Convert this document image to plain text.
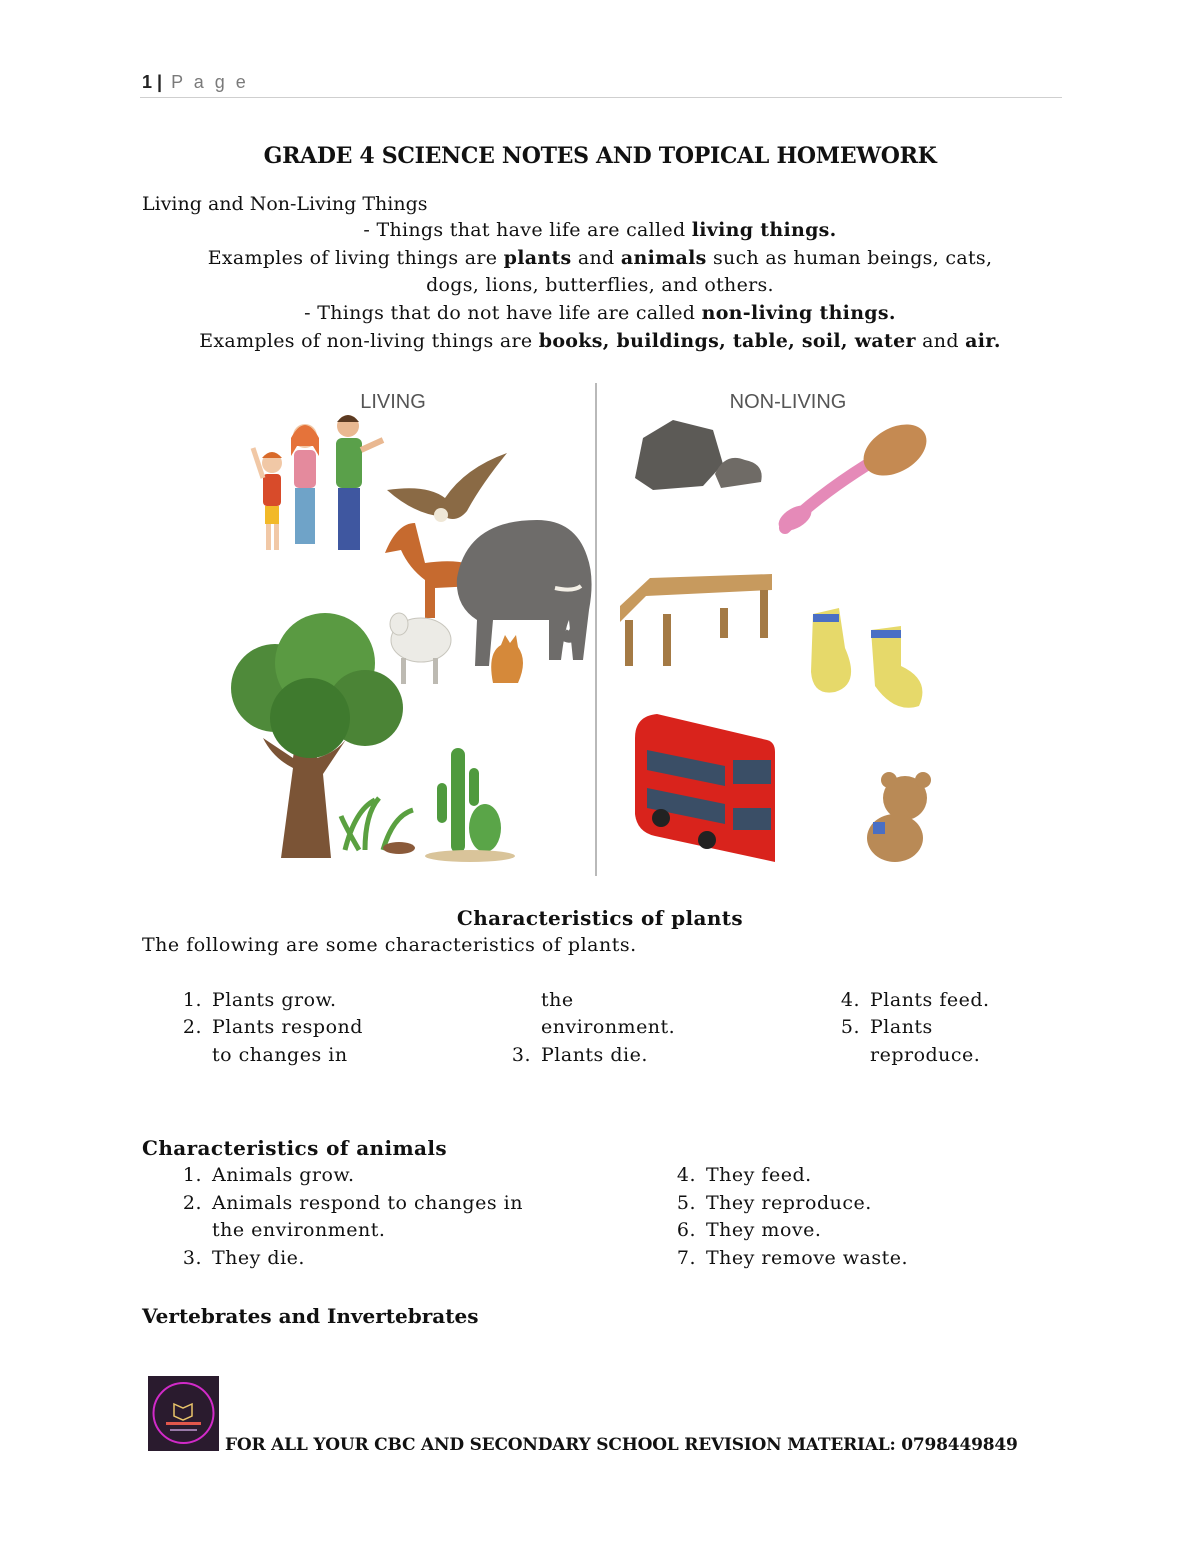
1 | P a g e
GRADE 4 SCIENCE NOTES AND TOPICAL HOMEWORK
Living and Non-Living Things
- Things that have life are called living things.
Examples of living things are plants and animals such as human beings, cats,
dogs, lions, butterflies, and others.
- Things that do not have life are called non-living things.
Examples of non-living things are books, buildings, table, soil, water and air.
LIVING	NON-LIVING
Characteristics of plants
The following are some characteristics of plants.
1. Plants grow.
2. Plants respond
to changes in
the
environment.
3. Plants die.
4. Plants feed.
5. Plants
reproduce.
Characteristics of animals
1. Animals grow.
2. Animals respond to changes in
the environment.
3. They die.
4. They feed.
5. They reproduce.
6. They move.
7. They remove waste.
Vertebrates and Invertebrates
FOR ALL YOUR CBC AND SECONDARY SCHOOL REVISION MATERIAL: 0798449849
